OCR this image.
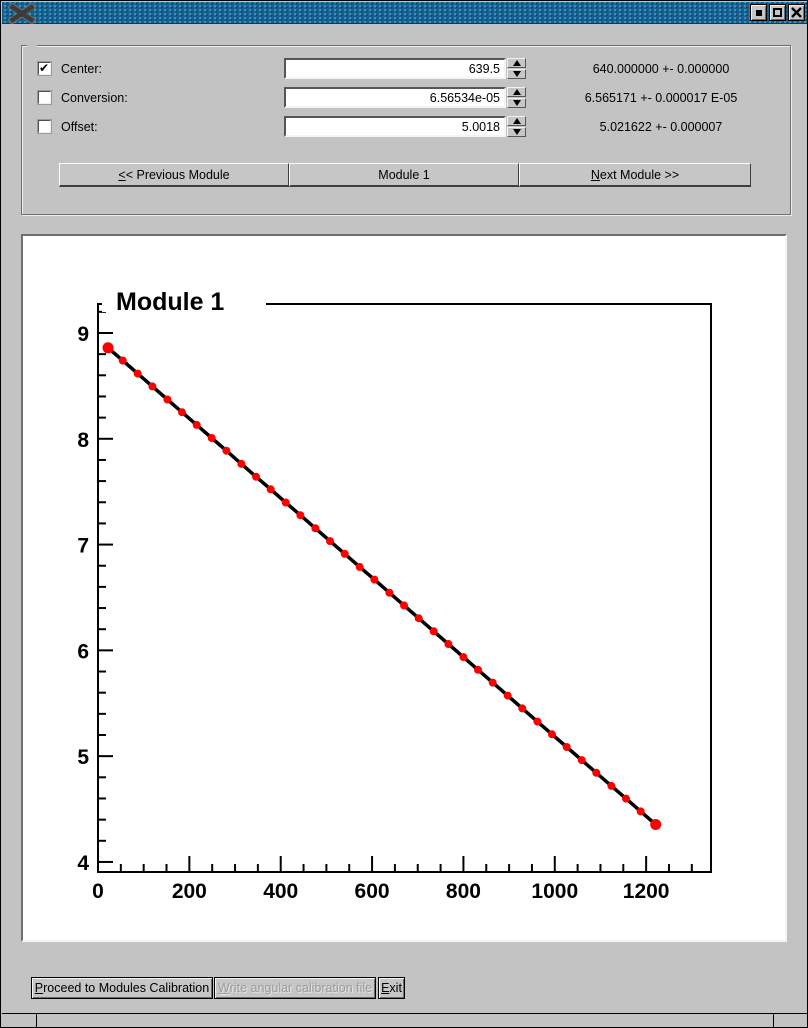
✔
Center:
639.5	640.000000 +- 0.000000
Conversion:
6.56534e-05	6.565171 +- 0.000017 E-05
Offset:
5.0018	5.021622 +- 0.000007
< < Previous Module	Module 1	N ext Module >>
0	200	400	600	800 1000 1200
4
5
6
7
8
9
Module 1
P roceed to Modules Calibration W rite angular calibration file E xit
